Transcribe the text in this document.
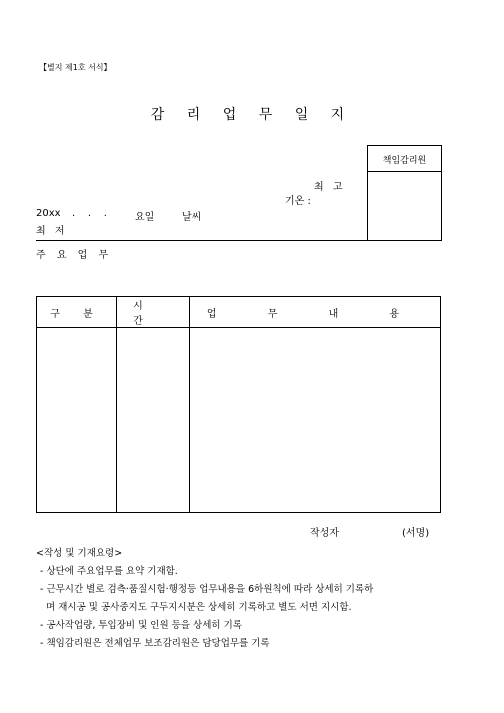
【별지 제1호 서식】
감 리 업 무 일 지
책임감리원
최 고
기온 :
20xx .    .    .	요일	날씨
최 저
주 요 업 무
구 분	시 간	업 무 내 용

작성자	(서명)
<작성 및 기재요령>
- 상단에 주요업무를 요약 기재함.
- 근무시간 별로 검측·품질시험·행정등 업무내용을 6하원칙에 따라 상세히 기록하
며 재시공 및 공사중지도 구두지시분은 상세히 기록하고 별도 서면 지시함.
- 공사작업량, 투입장비 및 인원 등을 상세히 기록
- 책임감리원은 전체업무 보조감리원은 담당업무를 기록
